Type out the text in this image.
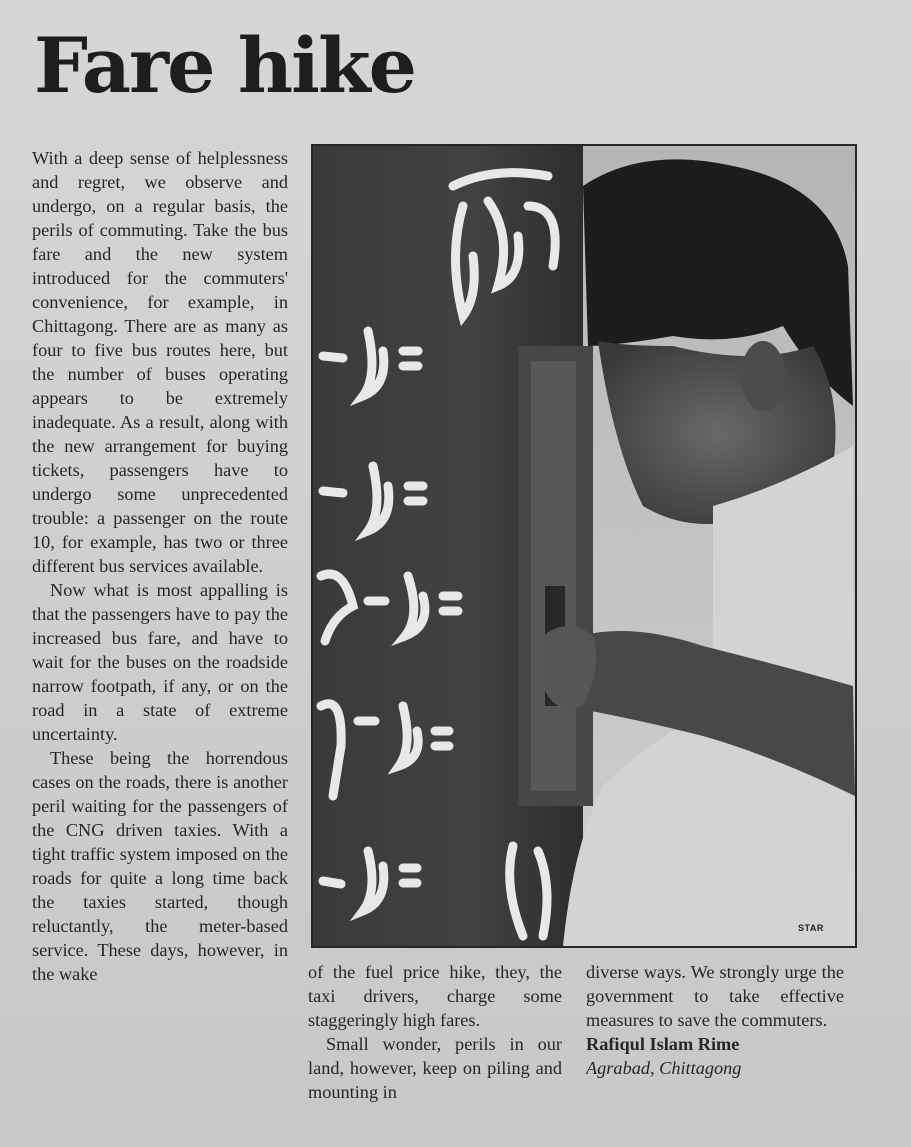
Fare hike

With a deep sense of helplessness and regret, we observe and undergo, on a regular basis, the perils of commuting. Take the bus fare and the new system introduced for the commuters' convenience, for example, in Chittagong. There are as many as four to five bus routes here, but the number of buses operating appears to be extremely inadequate. As a result, along with the new arrangement for buying tickets, passengers have to undergo some unprecedented trouble: a passenger on the route 10, for example, has two or three different bus services available.

Now what is most appalling is that the passengers have to pay the increased bus fare, and have to wait for the buses on the roadside narrow footpath, if any, or on the road in a state of extreme uncertainty.

These being the horrendous cases on the roads, there is another peril waiting for the passengers of the CNG driven taxies. With a tight traffic system imposed on the roads for quite a long time back the taxies started, though reluctantly, the meter-based service. These days, however, in the wake

STAR

of the fuel price hike, they, the taxi drivers, charge some staggeringly high fares.

Small wonder, perils in our land, however, keep on piling and mounting in

diverse ways. We strongly urge the government to take effective measures to save the commuters.

Rafiqul Islam Rime

Agrabad, Chittagong
